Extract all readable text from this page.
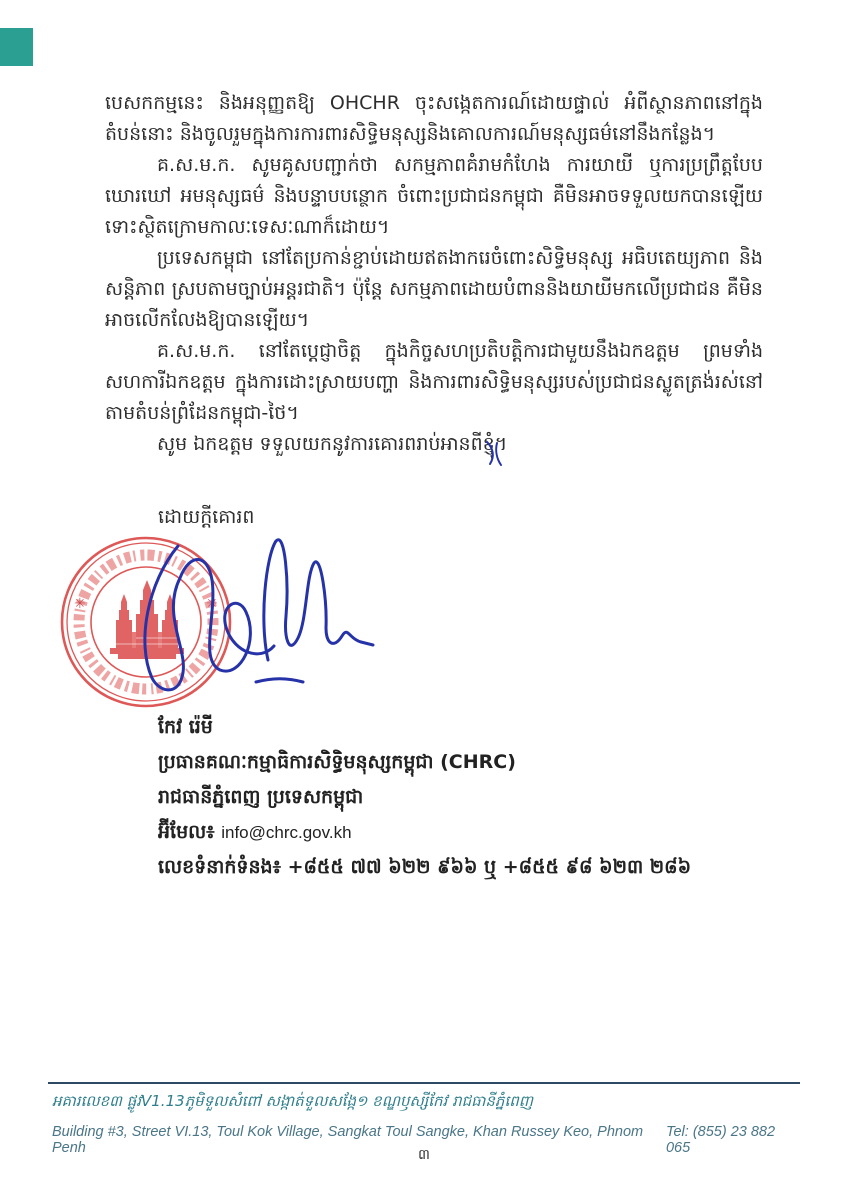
បេសកកម្មនេះ និងអនុញ្ញតឱ្យ OHCHR ចុះសង្កេតការណ៍ដោយផ្ទាល់ អំពីស្ថានភាពនៅក្នុងតំបន់នោះ និងចូលរួមក្នុងការការពារសិទ្ធិមនុស្សនិងគោលការណ៍មនុស្សធម៌នៅនឹងកន្លែង។

គ.ស.ម.ក. សូមគូសបញ្ជាក់ថា សកម្មភាពគំរាមកំហែង ការយាយី ឬការប្រព្រឹត្តបែបឃោរឃៅ អមនុស្សធម៌ និងបន្ទាបបន្ថោក ចំពោះប្រជាជនកម្ពុជា គឺមិនអាចទទួលយកបានឡើយ ទោះស្ថិតក្រោមកាលៈទេសៈណាក៏ដោយ។

ប្រទេសកម្ពុជា នៅតែប្រកាន់ខ្ជាប់ដោយឥតងាករេចំពោះសិទ្ធិមនុស្ស អធិបតេយ្យភាព និងសន្តិភាព ស្របតាមច្បាប់អន្តរជាតិ។ ប៉ុន្តែ សកម្មភាពដោយបំពាននិងយាយីមកលើប្រជាជន គឺមិនអាចលើកលែងឱ្យបានឡើយ។

គ.ស.ម.ក. នៅតែប្ដេជ្ញាចិត្ត ក្នុងកិច្ចសហប្រតិបត្តិការជាមួយនឹងឯកឧត្តម ព្រមទាំងសហការីឯកឧត្តម ក្នុងការដោះស្រាយបញ្ហា និងការពារសិទ្ធិមនុស្សរបស់ប្រជាជនស្លូតត្រង់រស់នៅតាមតំបន់ព្រំដែនកម្ពុជា-ថៃ។

សូម ឯកឧត្តម ទទួលយកនូវការគោរពរាប់អានពីខ្ញុំ។

ដោយក្តីគោរព
✳	✳
កែវ រ៉េមី
ប្រធានគណៈកម្មាធិការសិទ្ធិមនុស្សកម្ពុជា (CHRC)
រាជធានីភ្នំពេញ ប្រទេសកម្ពុជា
អ៊ីមែល៖ info@chrc.gov.kh
លេខទំនាក់ទំនង៖ +៨៥៥ ៧៧ ៦២២ ៩៦៦ ឬ +៨៥៥ ៩៨ ៦២៣ ២៨៦
អគារលេខ៣ ផ្លូវV1.13ភូមិទួលសំពៅ សង្កាត់ទួលសង្កែ១ ខណ្ឌឫស្សីកែវ រាជធានីភ្នំពេញ
Building #3, Street VI.13, Toul Kok Village, Sangkat Toul Sangke, Khan Russey Keo, Phnom Penh
Tel: (855) 23 882 065
៣
